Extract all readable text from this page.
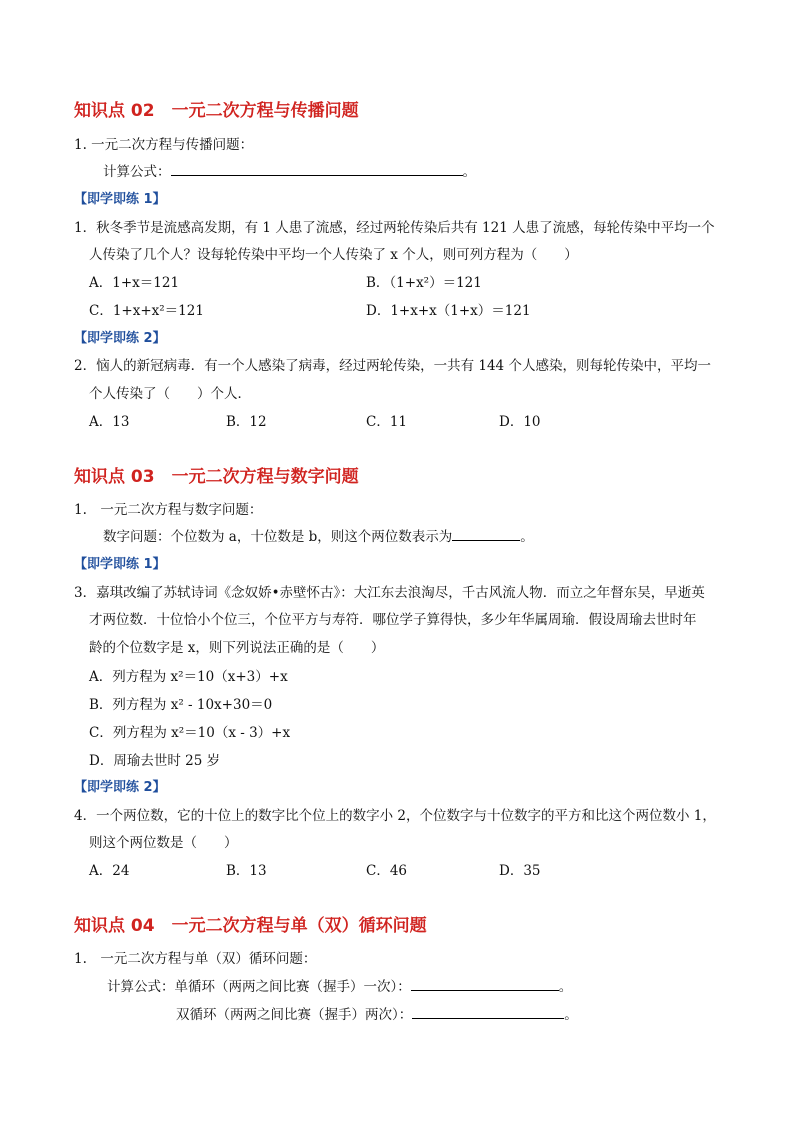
知识点 02　一元二次方程与传播问题
1. 一元二次方程与传播问题：
计算公式：	。
【即学即练 1】
1．秋冬季节是流感高发期，有 1 人患了流感，经过两轮传染后共有 121 人患了流感，每轮传染中平均一个
人传染了几个人？设每轮传染中平均一个人传染了 x 个人，则可列方程为（　　）
A．1+x＝121	B．（1+x²）＝121
C．1+x+x²＝121	D．1+x+x（1+x）＝121
【即学即练 2】
2．恼人的新冠病毒．有一个人感染了病毒，经过两轮传染，一共有 144 个人感染，则每轮传染中，平均一
个人传染了（　　）个人．
A．13	B．12	C．11	D．10
知识点 03　一元二次方程与数字问题
1.　一元二次方程与数字问题：
数字问题：个位数为 a，十位数是 b，则这个两位数表示为	。
【即学即练 1】
3．嘉琪改编了苏轼诗词《念奴娇•赤壁怀古》：大江东去浪淘尽，千古风流人物．而立之年督东吴，早逝英
才两位数．十位恰小个位三，个位平方与寿符．哪位学子算得快，多少年华属周瑜．假设周瑜去世时年
龄的个位数字是 x，则下列说法正确的是（　　）
A．列方程为 x²＝10（x+3）+x
B．列方程为 x² - 10x+30＝0
C．列方程为 x²＝10（x - 3）+x
D．周瑜去世时 25 岁
【即学即练 2】
4．一个两位数，它的十位上的数字比个位上的数字小 2，个位数字与十位数字的平方和比这个两位数小 1，
则这个两位数是（　　）
A．24	B．13	C．46	D．35
知识点 04　一元二次方程与单（双）循环问题
1.　一元二次方程与单（双）循环问题：
计算公式：单循环（两两之间比赛（握手）一次）：	。
双循环（两两之间比赛（握手）两次）：	。
